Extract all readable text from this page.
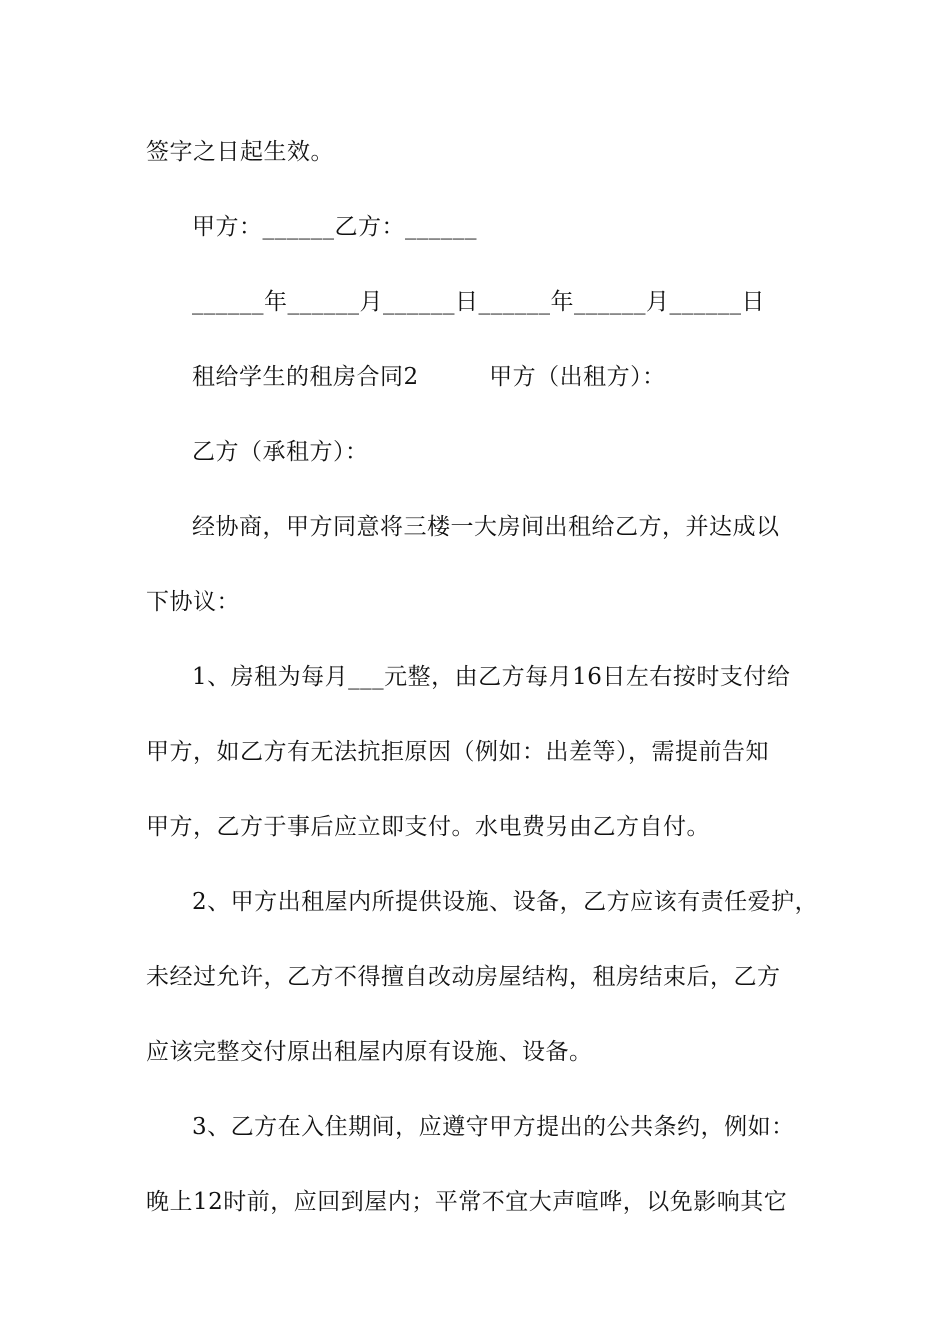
签字之日起生效。
甲方：______乙方：______
______年______月______日______年______月______日
租给学生的租房合同2　　　甲方（出租方）：
乙方（承租方）：
经协商，甲方同意将三楼一大房间出租给乙方，并达成以
下协议：
1、房租为每月___元整，由乙方每月16日左右按时支付给
甲方，如乙方有无法抗拒原因（例如：出差等），需提前告知
甲方，乙方于事后应立即支付。水电费另由乙方自付。
2、甲方出租屋内所提供设施、设备，乙方应该有责任爱护，
未经过允许，乙方不得擅自改动房屋结构，租房结束后，乙方
应该完整交付原出租屋内原有设施、设备。
3、乙方在入住期间，应遵守甲方提出的公共条约，例如：
晚上12时前，应回到屋内；平常不宜大声喧哗，以免影响其它
